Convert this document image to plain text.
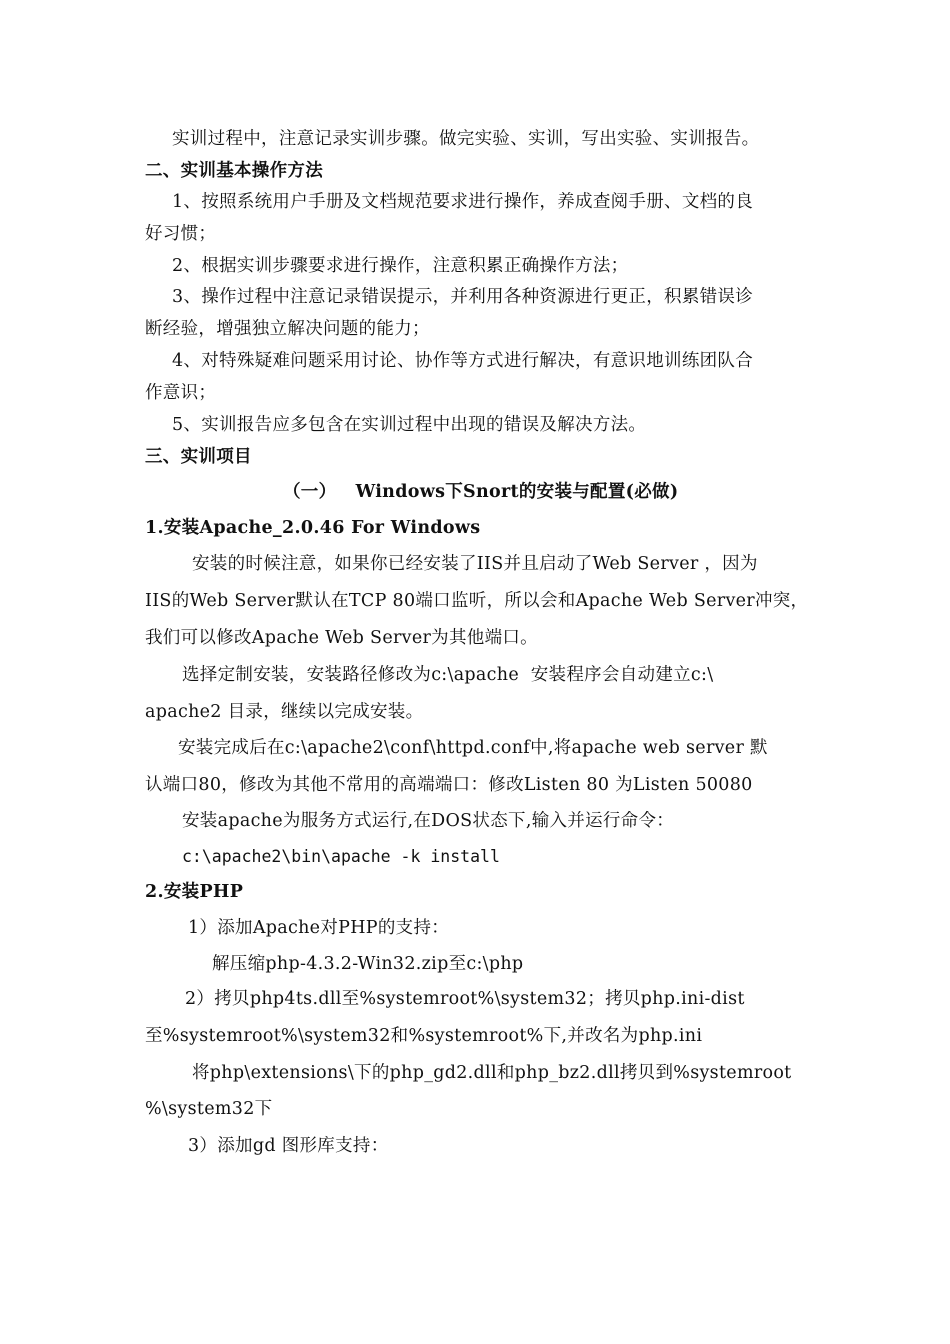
实训过程中，注意记录实训步骤。做完实验、实训，写出实验、实训报告。
二、实训基本操作方法
1、按照系统用户手册及文档规范要求进行操作，养成查阅手册、文档的良
好习惯；
2、根据实训步骤要求进行操作，注意积累正确操作方法；
3、操作过程中注意记录错误提示，并利用各种资源进行更正，积累错误诊
断经验，增强独立解决问题的能力；
4、对特殊疑难问题采用讨论、协作等方式进行解决，有意识地训练团队合
作意识；
5、实训报告应多包含在实训过程中出现的错误及解决方法。
三、实训项目
（一）   Windows下Snort的安装与配置(必做)
1.安装Apache_2.0.46 For Windows
安装的时候注意，如果你已经安装了IIS并且启动了Web Server ，因为
IIS的Web Server默认在TCP 80端口监听，所以会和Apache Web Server冲突，
我们可以修改Apache Web Server为其他端口。
选择定制安装，安装路径修改为c:\apache  安装程序会自动建立c:\
apache2 目录，继续以完成安装。
安装完成后在c:\apache2\conf\httpd.conf中,将apache web server 默
认端口80，修改为其他不常用的高端端口：修改Listen 80 为Listen 50080
安装apache为服务方式运行,在DOS状态下,输入并运行命令：
c:\apache2\bin\apache -k install
2.安装PHP
1）添加Apache对PHP的支持：
解压缩php-4.3.2-Win32.zip至c:\php
2）拷贝php4ts.dll至%systemroot%\system32；拷贝php.ini-dist
至%systemroot%\system32和%systemroot%下,并改名为php.ini
将php\extensions\下的php_gd2.dll和php_bz2.dll拷贝到%systemroot
%\system32下
3）添加gd 图形库支持：
